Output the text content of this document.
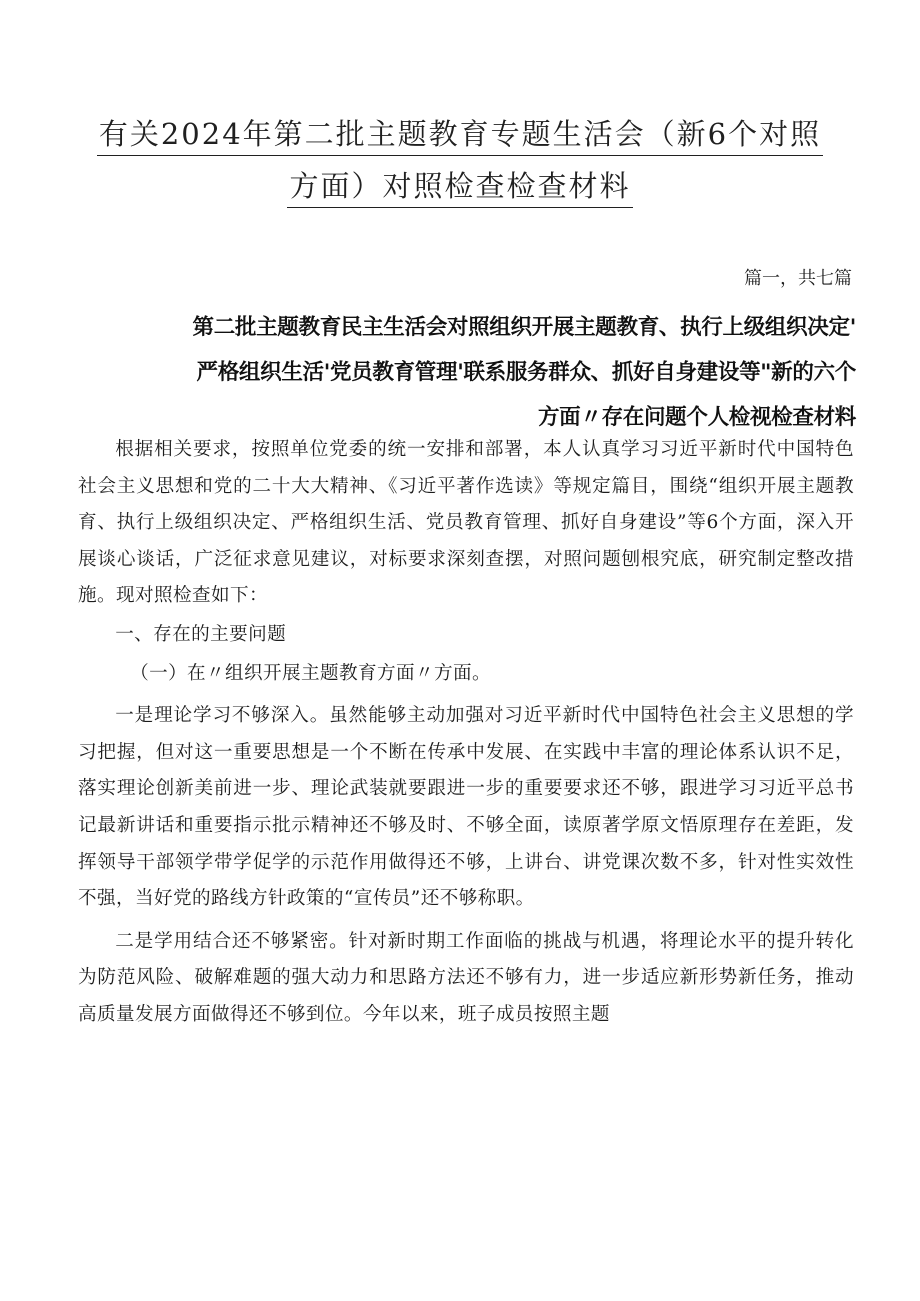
有关2024年第二批主题教育专题生活会（新6个对照
方面）对照检查检查材料
篇一，共七篇
第二批主题教育民主生活会对照组织开展主题教育、执行上级组织决定'
严格组织生活'党员教育管理'联系服务群众、抓好自身建设等"新的六个
方面〃存在问题个人检视检查材料

根据相关要求，按照单位党委的统一安排和部署，本人认真学习习近平新时代中国特色社会主义思想和党的二十大大精神、《习近平著作选读》等规定篇目，围绕“组织开展主题教育、执行上级组织决定、严格组织生活、党员教育管理、抓好自身建设”等6个方面，深入开展谈心谈话，广泛征求意见建议，对标要求深刻查摆，对照问题刨根究底，研究制定整改措施。现对照检查如下：

一、存在的主要问题

（一）在〃组织开展主题教育方面〃方面。

一是理论学习不够深入。虽然能够主动加强对习近平新时代中国特色社会主义思想的学习把握，但对这一重要思想是一个不断在传承中发展、在实践中丰富的理论体系认识不足，落实理论创新美前进一步、理论武装就要跟进一步的重要要求还不够，跟进学习习近平总书记最新讲话和重要指示批示精神还不够及时、不够全面，读原著学原文悟原理存在差距，发挥领导干部领学带学促学的示范作用做得还不够，上讲台、讲党课次数不多，针对性实效性不强，当好党的路线方针政策的“宣传员”还不够称职。

二是学用结合还不够紧密。针对新时期工作面临的挑战与机遇，将理论水平的提升转化为防范风险、破解难题的强大动力和思路方法还不够有力，进一步适应新形势新任务，推动高质量发展方面做得还不够到位。今年以来，班子成员按照主题
